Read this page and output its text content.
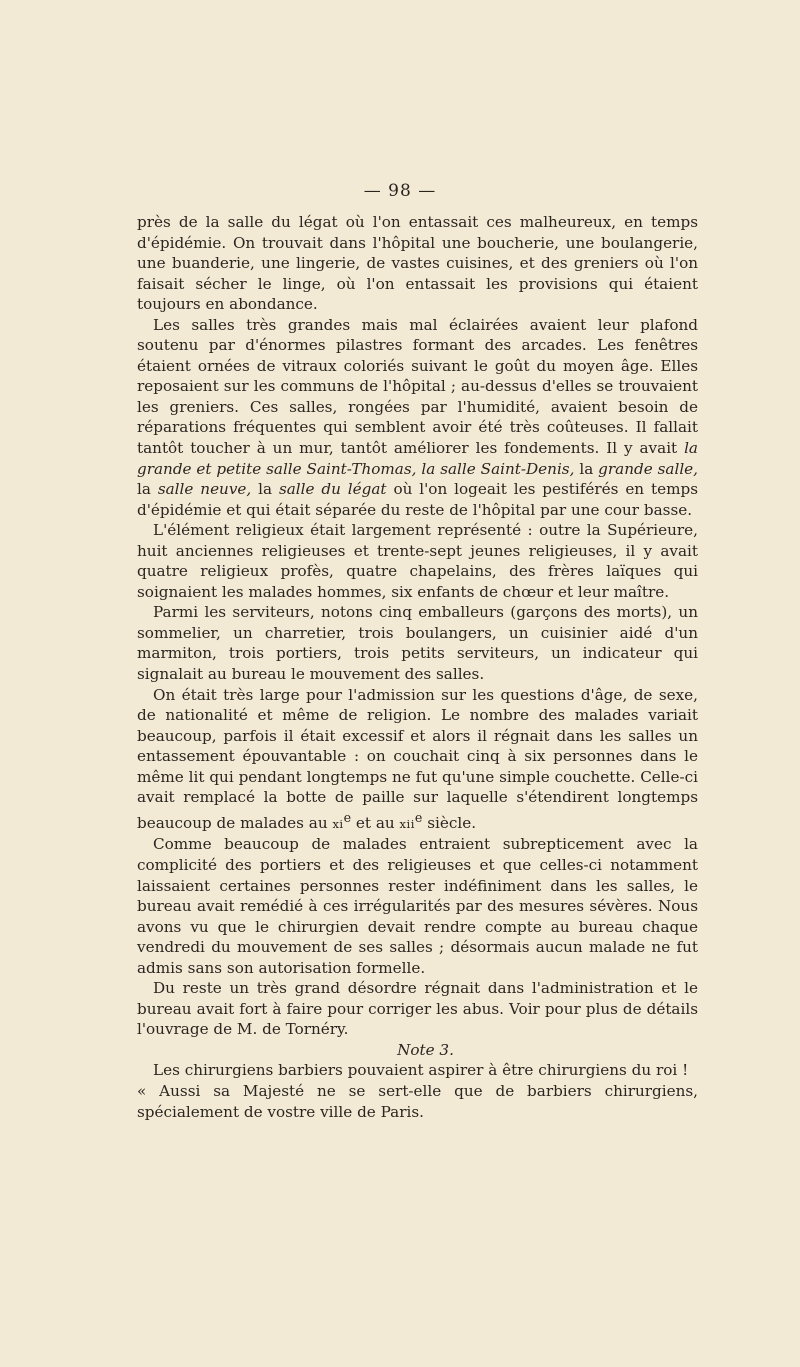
— 98 —

près de la salle du légat où l'on entassait ces malheureux, en temps d'épidémie. On trouvait dans l'hôpital une boucherie, une boulangerie, une buanderie, une lingerie, de vastes cuisines, et des greniers où l'on faisait sécher le linge, où l'on entassait les provisions qui étaient toujours en abondance.

Les salles très grandes mais mal éclairées avaient leur plafond soutenu par d'énormes pilastres formant des arcades. Les fenêtres étaient ornées de vitraux coloriés suivant le goût du moyen âge. Elles reposaient sur les communs de l'hôpital ; au-dessus d'elles se trouvaient les greniers. Ces salles, rongées par l'humidité, avaient besoin de réparations fréquentes qui semblent avoir été très coûteuses. Il fallait tantôt toucher à un mur, tantôt améliorer les fondements. Il y avait la grande et petite salle Saint-Thomas, la salle Saint-Denis, la grande salle, la salle neuve, la salle du légat où l'on logeait les pestiférés en temps d'épidémie et qui était séparée du reste de l'hôpital par une cour basse.

L'élément religieux était largement représenté : outre la Supérieure, huit anciennes religieuses et trente-sept jeunes religieuses, il y avait quatre religieux profès, quatre chapelains, des frères laïques qui soignaient les malades hommes, six enfants de chœur et leur maître.

Parmi les serviteurs, notons cinq emballeurs (garçons des morts), un sommelier, un charretier, trois boulangers, un cuisinier aidé d'un marmiton, trois portiers, trois petits serviteurs, un indicateur qui signalait au bureau le mouvement des salles.

On était très large pour l'admission sur les questions d'âge, de sexe, de nationalité et même de religion. Le nombre des malades variait beaucoup, parfois il était excessif et alors il régnait dans les salles un entassement épouvantable : on couchait cinq à six personnes dans le même lit qui pendant longtemps ne fut qu'une simple couchette. Celle-ci avait remplacé la botte de paille sur laquelle s'étendirent longtemps beaucoup de malades au $xi^e$ et au xii$^e$ siècle.

Comme beaucoup de malades entraient subrepticement avec la complicité des portiers et des religieuses et que celles-ci notamment laissaient certaines personnes rester indéfiniment dans les salles, le bureau avait remédié à ces irrégularités par des mesures sévères. Nous avons vu que le chirurgien devait rendre compte au bureau chaque vendredi du mouvement de ses salles ; désormais aucun malade ne fut admis sans son autorisation formelle.

Du reste un très grand désordre régnait dans l'administration et le bureau avait fort à faire pour corriger les abus. Voir pour plus de détails l'ouvrage de M. de Tornéry.

Note 3.

Les chirurgiens barbiers pouvaient aspirer à être chirurgiens du roi !

« Aussi sa Majesté ne se sert-elle que de barbiers chirurgiens, spécialement de vostre ville de Paris.
